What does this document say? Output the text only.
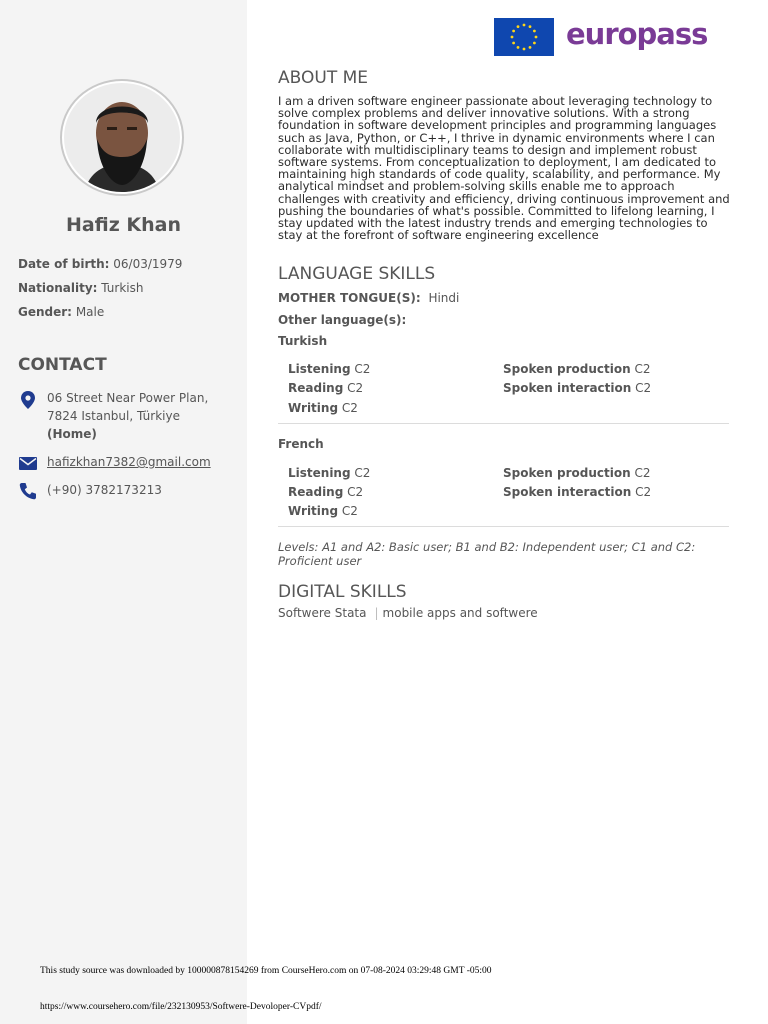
Hafiz Khan
Date of birth: 06/03/1979
Nationality: Turkish
Gender: Male
CONTACT
06 Street Near Power Plan,
7824 Istanbul, Türkiye
(Home)
hafizkhan7382@gmail.com
(+90) 3782173213
europass
ABOUT ME
I am a driven software engineer passionate about leveraging technology to solve complex problems and deliver innovative solutions. With a strong foundation in software development principles and programming languages such as Java, Python, or C++, I thrive in dynamic environments where I can collaborate with multidisciplinary teams to design and implement robust software systems. From conceptualization to deployment, I am dedicated to maintaining high standards of code quality, scalability, and performance. My analytical mindset and problem-solving skills enable me to approach challenges with creativity and efficiency, driving continuous improvement and pushing the boundaries of what's possible. Committed to lifelong learning, I stay updated with the latest industry trends and emerging technologies to stay at the forefront of software engineering excellence
LANGUAGE SKILLS
MOTHER TONGUE(S): Hindi
Other language(s):
Turkish
Listening C2
Reading C2
Writing C2
Spoken production C2
Spoken interaction C2
French
Listening C2
Reading C2
Writing C2
Spoken production C2
Spoken interaction C2
Levels: A1 and A2: Basic user; B1 and B2: Independent user; C1 and C2: Proficient user
DIGITAL SKILLS
Softwere Stata | mobile apps and softwere
This study source was downloaded by 100000878154269 from CourseHero.com on 07-08-2024 03:29:48 GMT -05:00
https://www.coursehero.com/file/232130953/Softwere-Devoloper-CVpdf/
